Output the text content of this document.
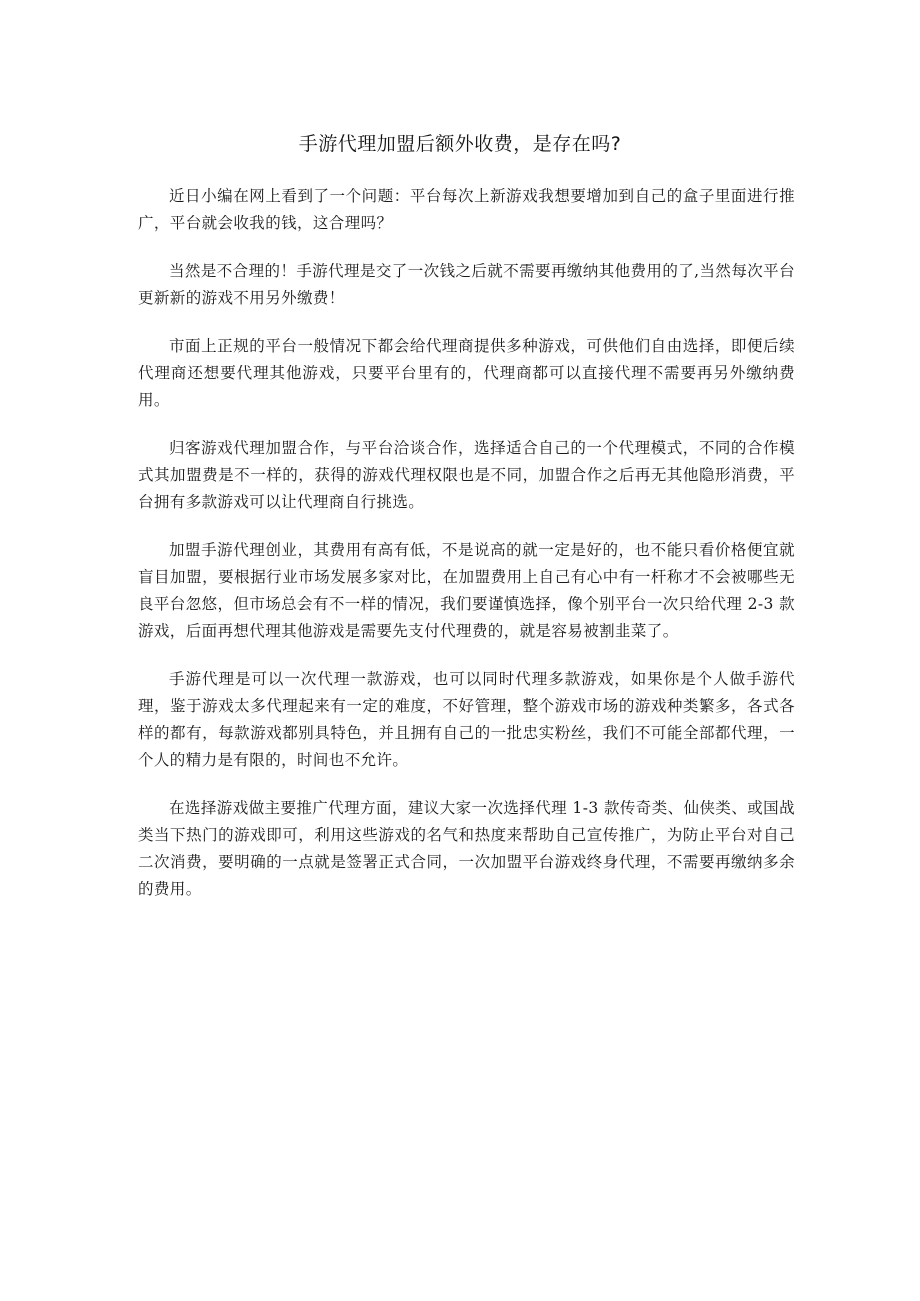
手游代理加盟后额外收费，是存在吗?

近日小编在网上看到了一个问题：平台每次上新游戏我想要增加到自己的盒子里面进行推广，平台就会收我的钱，这合理吗？

当然是不合理的！手游代理是交了一次钱之后就不需要再缴纳其他费用的了,当然每次平台更新新的游戏不用另外缴费！

市面上正规的平台一般情况下都会给代理商提供多种游戏，可供他们自由选择，即便后续代理商还想要代理其他游戏，只要平台里有的，代理商都可以直接代理不需要再另外缴纳费用。

归客游戏代理加盟合作，与平台洽谈合作，选择适合自己的一个代理模式，不同的合作模式其加盟费是不一样的，获得的游戏代理权限也是不同，加盟合作之后再无其他隐形消费，平台拥有多款游戏可以让代理商自行挑选。

加盟手游代理创业，其费用有高有低，不是说高的就一定是好的，也不能只看价格便宜就盲目加盟，要根据行业市场发展多家对比，在加盟费用上自己有心中有一杆称才不会被哪些无良平台忽悠，但市场总会有不一样的情况，我们要谨慎选择，像个别平台一次只给代理 2-3 款游戏，后面再想代理其他游戏是需要先支付代理费的，就是容易被割韭菜了。

手游代理是可以一次代理一款游戏，也可以同时代理多款游戏，如果你是个人做手游代理，鉴于游戏太多代理起来有一定的难度，不好管理，整个游戏市场的游戏种类繁多，各式各样的都有，每款游戏都别具特色，并且拥有自己的一批忠实粉丝，我们不可能全部都代理，一个人的精力是有限的，时间也不允许。

在选择游戏做主要推广代理方面，建议大家一次选择代理 1-3 款传奇类、仙侠类、或国战类当下热门的游戏即可，利用这些游戏的名气和热度来帮助自己宣传推广，为防止平台对自己二次消费，要明确的一点就是签署正式合同，一次加盟平台游戏终身代理，不需要再缴纳多余的费用。
